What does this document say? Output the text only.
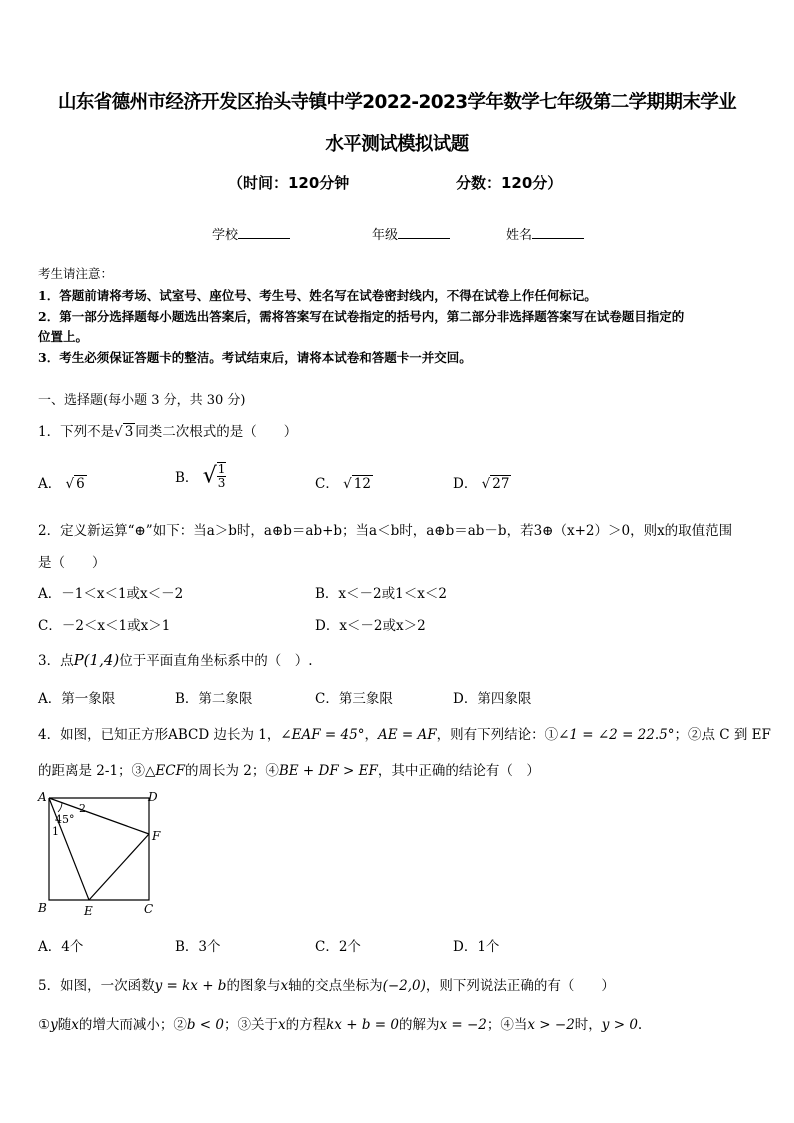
山东省德州市经济开发区抬头寺镇中学2022-2023学年数学七年级第二学期期末学业
水平测试模拟试题
（时间：120分钟	分数：120分）
学校	年级	姓名
考生请注意：
1．答题前请将考场、试室号、座位号、考生号、姓名写在试卷密封线内，不得在试卷上作任何标记。
2．第一部分选择题每小题选出答案后，需将答案写在试卷指定的括号内，第二部分非选择题答案写在试卷题目指定的
位置上。
3．考生必须保证答题卡的整洁。考试结束后，请将本试卷和答题卡一并交回。
一、选择题(每小题 3 分，共 30 分)
1．下列不是√ 3 同类二次根式的是（　　）
A． √ 6	B． √ $\frac{1}{3}$	C． √ 12	D． √ 27
2．定义新运算“⊕”如下：当a＞b时，a⊕b＝ab+b；当a＜b时，a⊕b＝ab－b，若3⊕（x+2）＞0，则x的取值范围
是（　　）
A．－1＜x＜1或x＜－2	B．x＜－2或1＜x＜2
C．－2＜x＜1或x＞1	D．x＜－2或x＞2
3．点P(1,4)位于平面直角坐标系中的（　）.
A．第一象限	B．第二象限	C．第三象限	D．第四象限
4．如图，已知正方形ABCD 边长为 1，∠EAF = 45°，AE = AF，则有下列结论：①∠1 = ∠2 = 22.5°；②点 C 到 EF
的距离是 2-1；③△ECF的周长为 2；④BE + DF > EF，其中正确的结论有（　）
A	D
B	C
E
F
45°
1
2
A．4个	B．3个	C．2个	D．1个
5．如图，一次函数y = kx + b的图象与x轴的交点坐标为(−2,0)，则下列说法正确的有（　　）
①y随x的增大而减小；②b < 0；③关于x的方程kx + b = 0的解为x = −2；④当x > −2时，y > 0.
